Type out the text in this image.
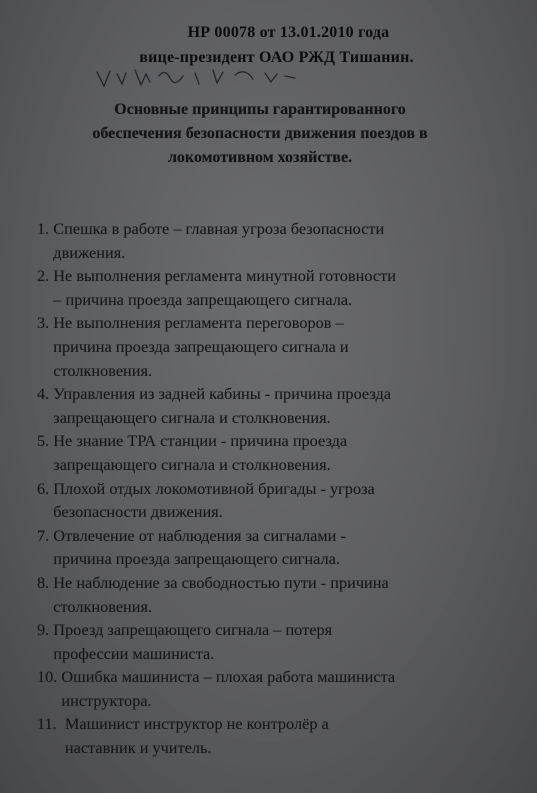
НР 00078 от 13.01.2010 года
вице-президент ОАО РЖД Тишанин.
Основные принципы гарантированного
обеспечения безопасности движения поездов в
локомотивном хозяйстве.
1. Спешка в работе – главная угроза безопасности
движения.
2. Не выполнения регламента минутной готовности
– причина проезда запрещающего сигнала.
3. Не выполнения регламента переговоров –
причина проезда запрещающего сигнала и
столкновения.
4. Управления из задней кабины - причина проезда
запрещающего сигнала и столкновения.
5. Не знание ТРА станции - причина проезда
запрещающего сигнала и столкновения.
6. Плохой отдых локомотивной бригады - угроза
безопасности движения.
7. Отвлечение от наблюдения за сигналами -
причина проезда запрещающего сигнала.
8. Не наблюдение за свободностью пути - причина
столкновения.
9. Проезд запрещающего сигнала – потеря
профессии машиниста.
10. Ошибка машиниста – плохая работа машиниста
инструктора.
11. Машинист инструктор не контролёр а
наставник и учитель.
